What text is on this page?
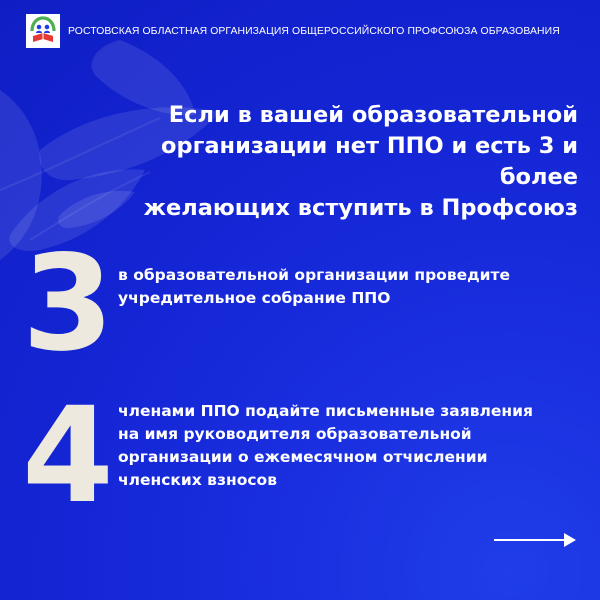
РОСТОВСКАЯ ОБЛАСТНАЯ ОРГАНИЗАЦИЯ ОБЩЕРОССИЙСКОГО ПРОФСОЮЗА ОБРАЗОВАНИЯ
Если в вашей образовательной
организации нет ППО и есть 3 и более
желающих вступить в Профсоюз
3 в образовательной организации проведите
учредительное собрание ППО
4 членами ППО подайте письменные заявления
на имя руководителя образовательной
организации о ежемесячном отчислении
членских взносов
